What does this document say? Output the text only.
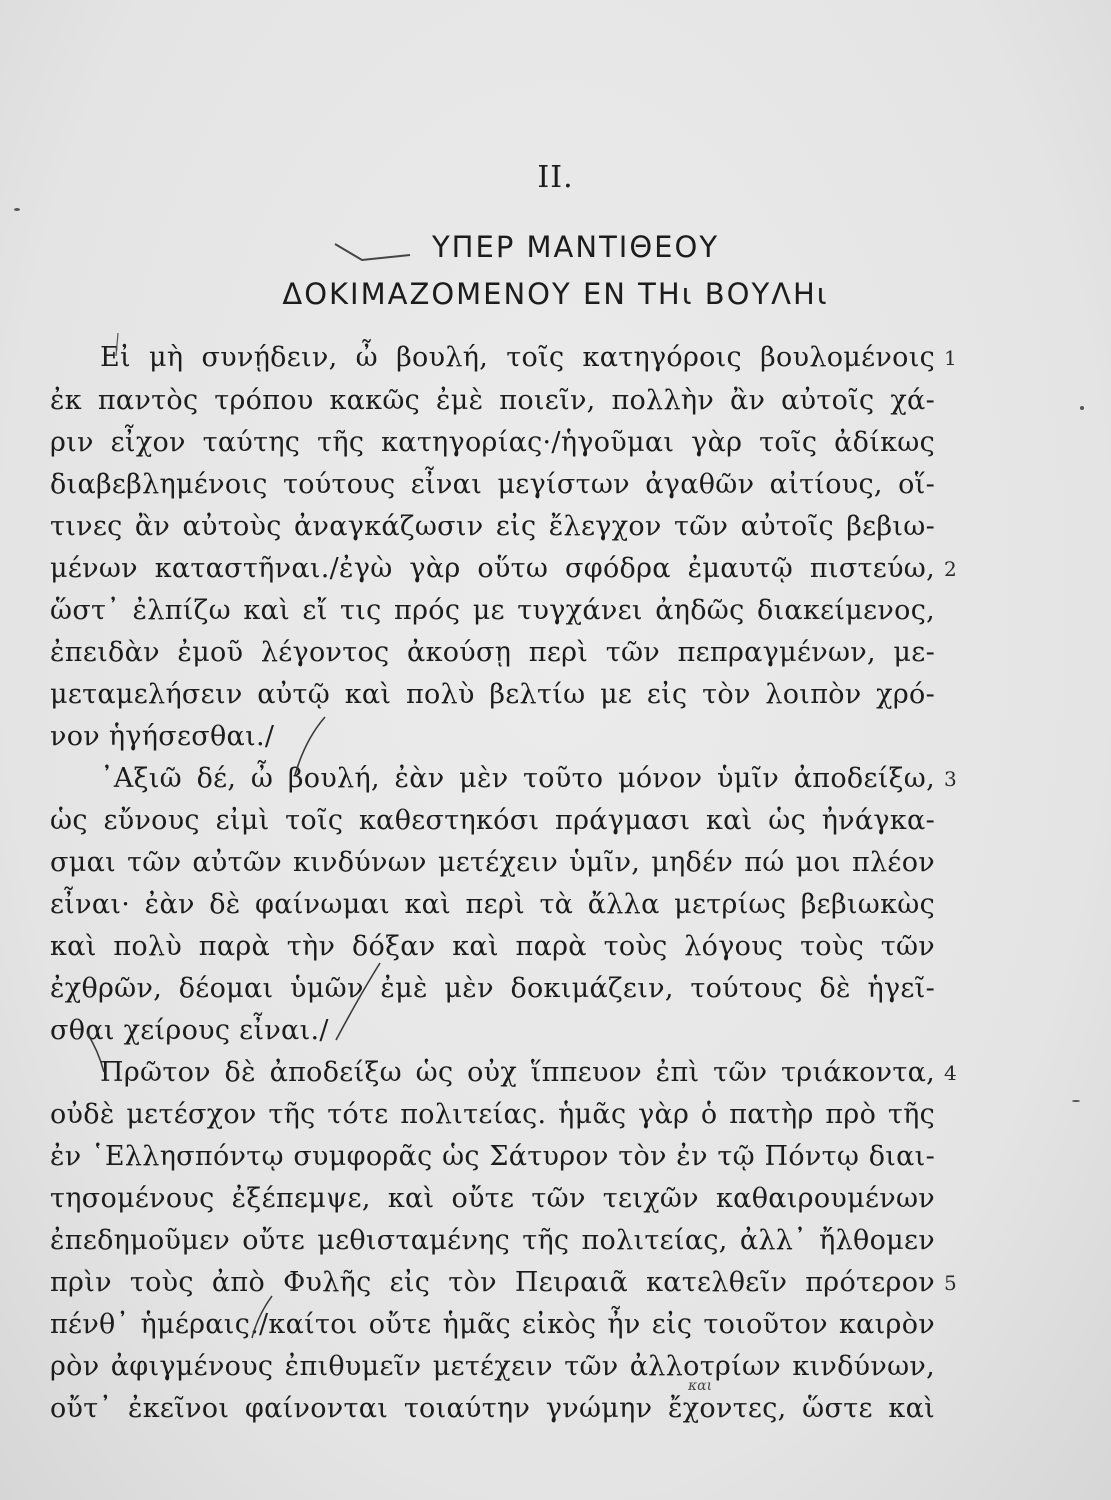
II.
ΥΠΕΡ ΜΑΝΤΙΘΕΟΥ
ΔΟΚΙΜΑΖΟΜΕΝΟΥ ΕΝ ΤΗι ΒΟΥΛΗι
Εἰ μὴ συνῄδειν, ὦ βουλή, τοῖς κατηγόροις βουλομένοις
ἐκ παντὸς τρόπου κακῶς ἐμὲ ποιεῖν, πολλὴν ἂν αὐτοῖς χά-
ριν εἶχον ταύτης τῆς κατηγορίας·/ἡγοῦμαι γὰρ τοῖς ἀδίκως
διαβεβλημένοις τούτους εἶναι μεγίστων ἀγαθῶν αἰτίους, οἵ-
τινες ἂν αὐτοὺς ἀναγκάζωσιν εἰς ἔλεγχον τῶν αὐτοῖς βεβιω-
μένων καταστῆναι./ἐγὼ γὰρ οὕτω σφόδρα ἐμαυτῷ πιστεύω,
ὥστ᾿ ἐλπίζω καὶ εἴ τις πρός με τυγχάνει ἀηδῶς διακείμενος,
ἐπειδὰν ἐμοῦ λέγοντος ἀκούσῃ περὶ τῶν πεπραγμένων, με-
μεταμελήσειν αὐτῷ καὶ πολὺ βελτίω με εἰς τὸν λοιπὸν χρό-
νον ἡγήσεσθαι./
᾿Αξιῶ δέ, ὦ βουλή, ἐὰν μὲν τοῦτο μόνον ὑμῖν ἀποδείξω,
ὡς εὔνους εἰμὶ τοῖς καθεστηκόσι πράγμασι καὶ ὡς ἠνάγκα-
σμαι τῶν αὐτῶν κινδύνων μετέχειν ὑμῖν, μηδέν πώ μοι πλέον
εἶναι· ἐὰν δὲ φαίνωμαι καὶ περὶ τὰ ἄλλα μετρίως βεβιωκὼς
καὶ πολὺ παρὰ τὴν δόξαν καὶ παρὰ τοὺς λόγους τοὺς τῶν
ἐχθρῶν, δέομαι ὑμῶν ἐμὲ μὲν δοκιμάζειν, τούτους δὲ ἡγεῖ-
σθαι χείρους εἶναι./
Πρῶτον δὲ ἀποδείξω ὡς οὐχ ἵππευον ἐπὶ τῶν τριάκοντα,
οὐδὲ μετέσχον τῆς τότε πολιτείας. ἡμᾶς γὰρ ὁ πατὴρ πρὸ τῆς
ἐν ῾Ελλησπόντῳ συμφορᾶς ὡς Σάτυρον τὸν ἐν τῷ Πόντῳ διαι-
τησομένους ἐξέπεμψε, καὶ οὔτε τῶν τειχῶν καθαιρουμένων
ἐπεδημοῦμεν οὔτε μεθισταμένης τῆς πολιτείας, ἀλλ᾿ ἤλθομεν
πρὶν τοὺς ἀπὸ Φυλῆς εἰς τὸν Πειραιᾶ κατελθεῖν πρότερον
πένθ᾿ ἡμέραις./καίτοι οὔτε ἡμᾶς εἰκὸς ἦν εἰς τοιοῦτον καιρὸν
ρὸν ἀφιγμένους ἐπιθυμεῖν μετέχειν τῶν ἀλλοτρίων κινδύνων,
οὔτ᾿ ἐκεῖνοι φαίνονται τοιαύτην γνώμην ἔχοντες, ὥστε καὶ
1
2
3
4
5
και
